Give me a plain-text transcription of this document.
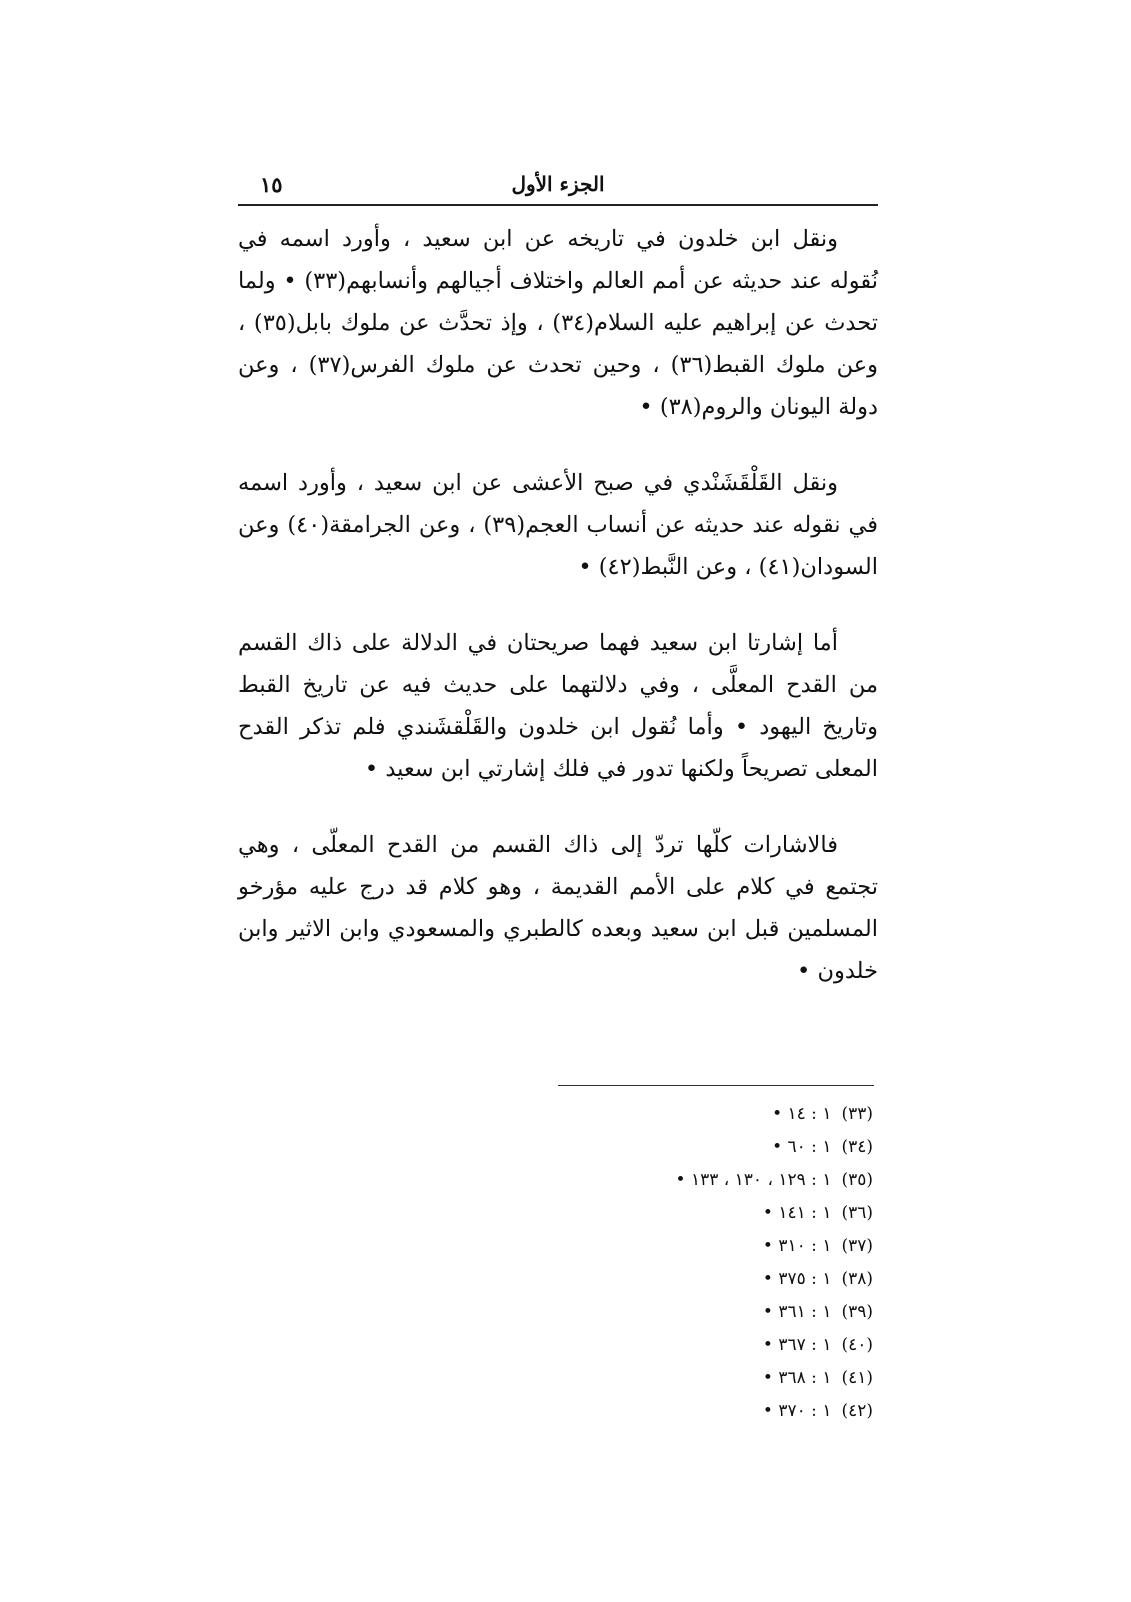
الجزء الأول
١٥

ونقل ابن خلدون في تاريخه عن ابن سعيد ، وأورد اسمه في نُقوله عند حديثه عن أمم العالم واختلاف أجيالهم وأنسابهم(٣٣) • ولما تحدث عن إبراهيم عليه السلام(٣٤) ، وإذ تحدَّث عن ملوك بابل(٣٥) ، وعن ملوك القبط(٣٦) ، وحين تحدث عن ملوك الفرس(٣٧) ، وعن دولة اليونان والروم(٣٨) •

ونقل القَلْقَشَنْدي في صبح الأعشى عن ابن سعيد ، وأورد اسمه في نقوله عند حديثه عن أنساب العجم(٣٩) ، وعن الجرامقة(٤٠) وعن السودان(٤١) ، وعن النَّبط(٤٢) •

أما إشارتا ابن سعيد فهما صريحتان في الدلالة على ذاك القسم من القدح المعلَّى ، وفي دلالتهما على حديث فيه عن تاريخ القبط وتاريخ اليهود • وأما نُقول ابن خلدون والقَلْقشَندي فلم تذكر القدح المعلى تصريحاً ولكنها تدور في فلك إشارتي ابن سعيد •

فالاشارات كلّها تردّ إلى ذاك القسم من القدح المعلّى ، وهي تجتمع في كلام على الأمم القديمة ، وهو كلام قد درج عليه مؤرخو المسلمين قبل ابن سعيد وبعده كالطبري والمسعودي وابن الاثير وابن خلدون •

(٣٣)١ : ١٤ •
(٣٤)١ : ٦٠ •
(٣٥)١ : ١٢٩ ، ١٣٠ ، ١٣٣ •
(٣٦)١ : ١٤١ •
(٣٧)١ : ٣١٠ •
(٣٨)١ : ٣٧٥ •
(٣٩)١ : ٣٦١ •
(٤٠)١ : ٣٦٧ •
(٤١)١ : ٣٦٨ •
(٤٢)١ : ٣٧٠ •
